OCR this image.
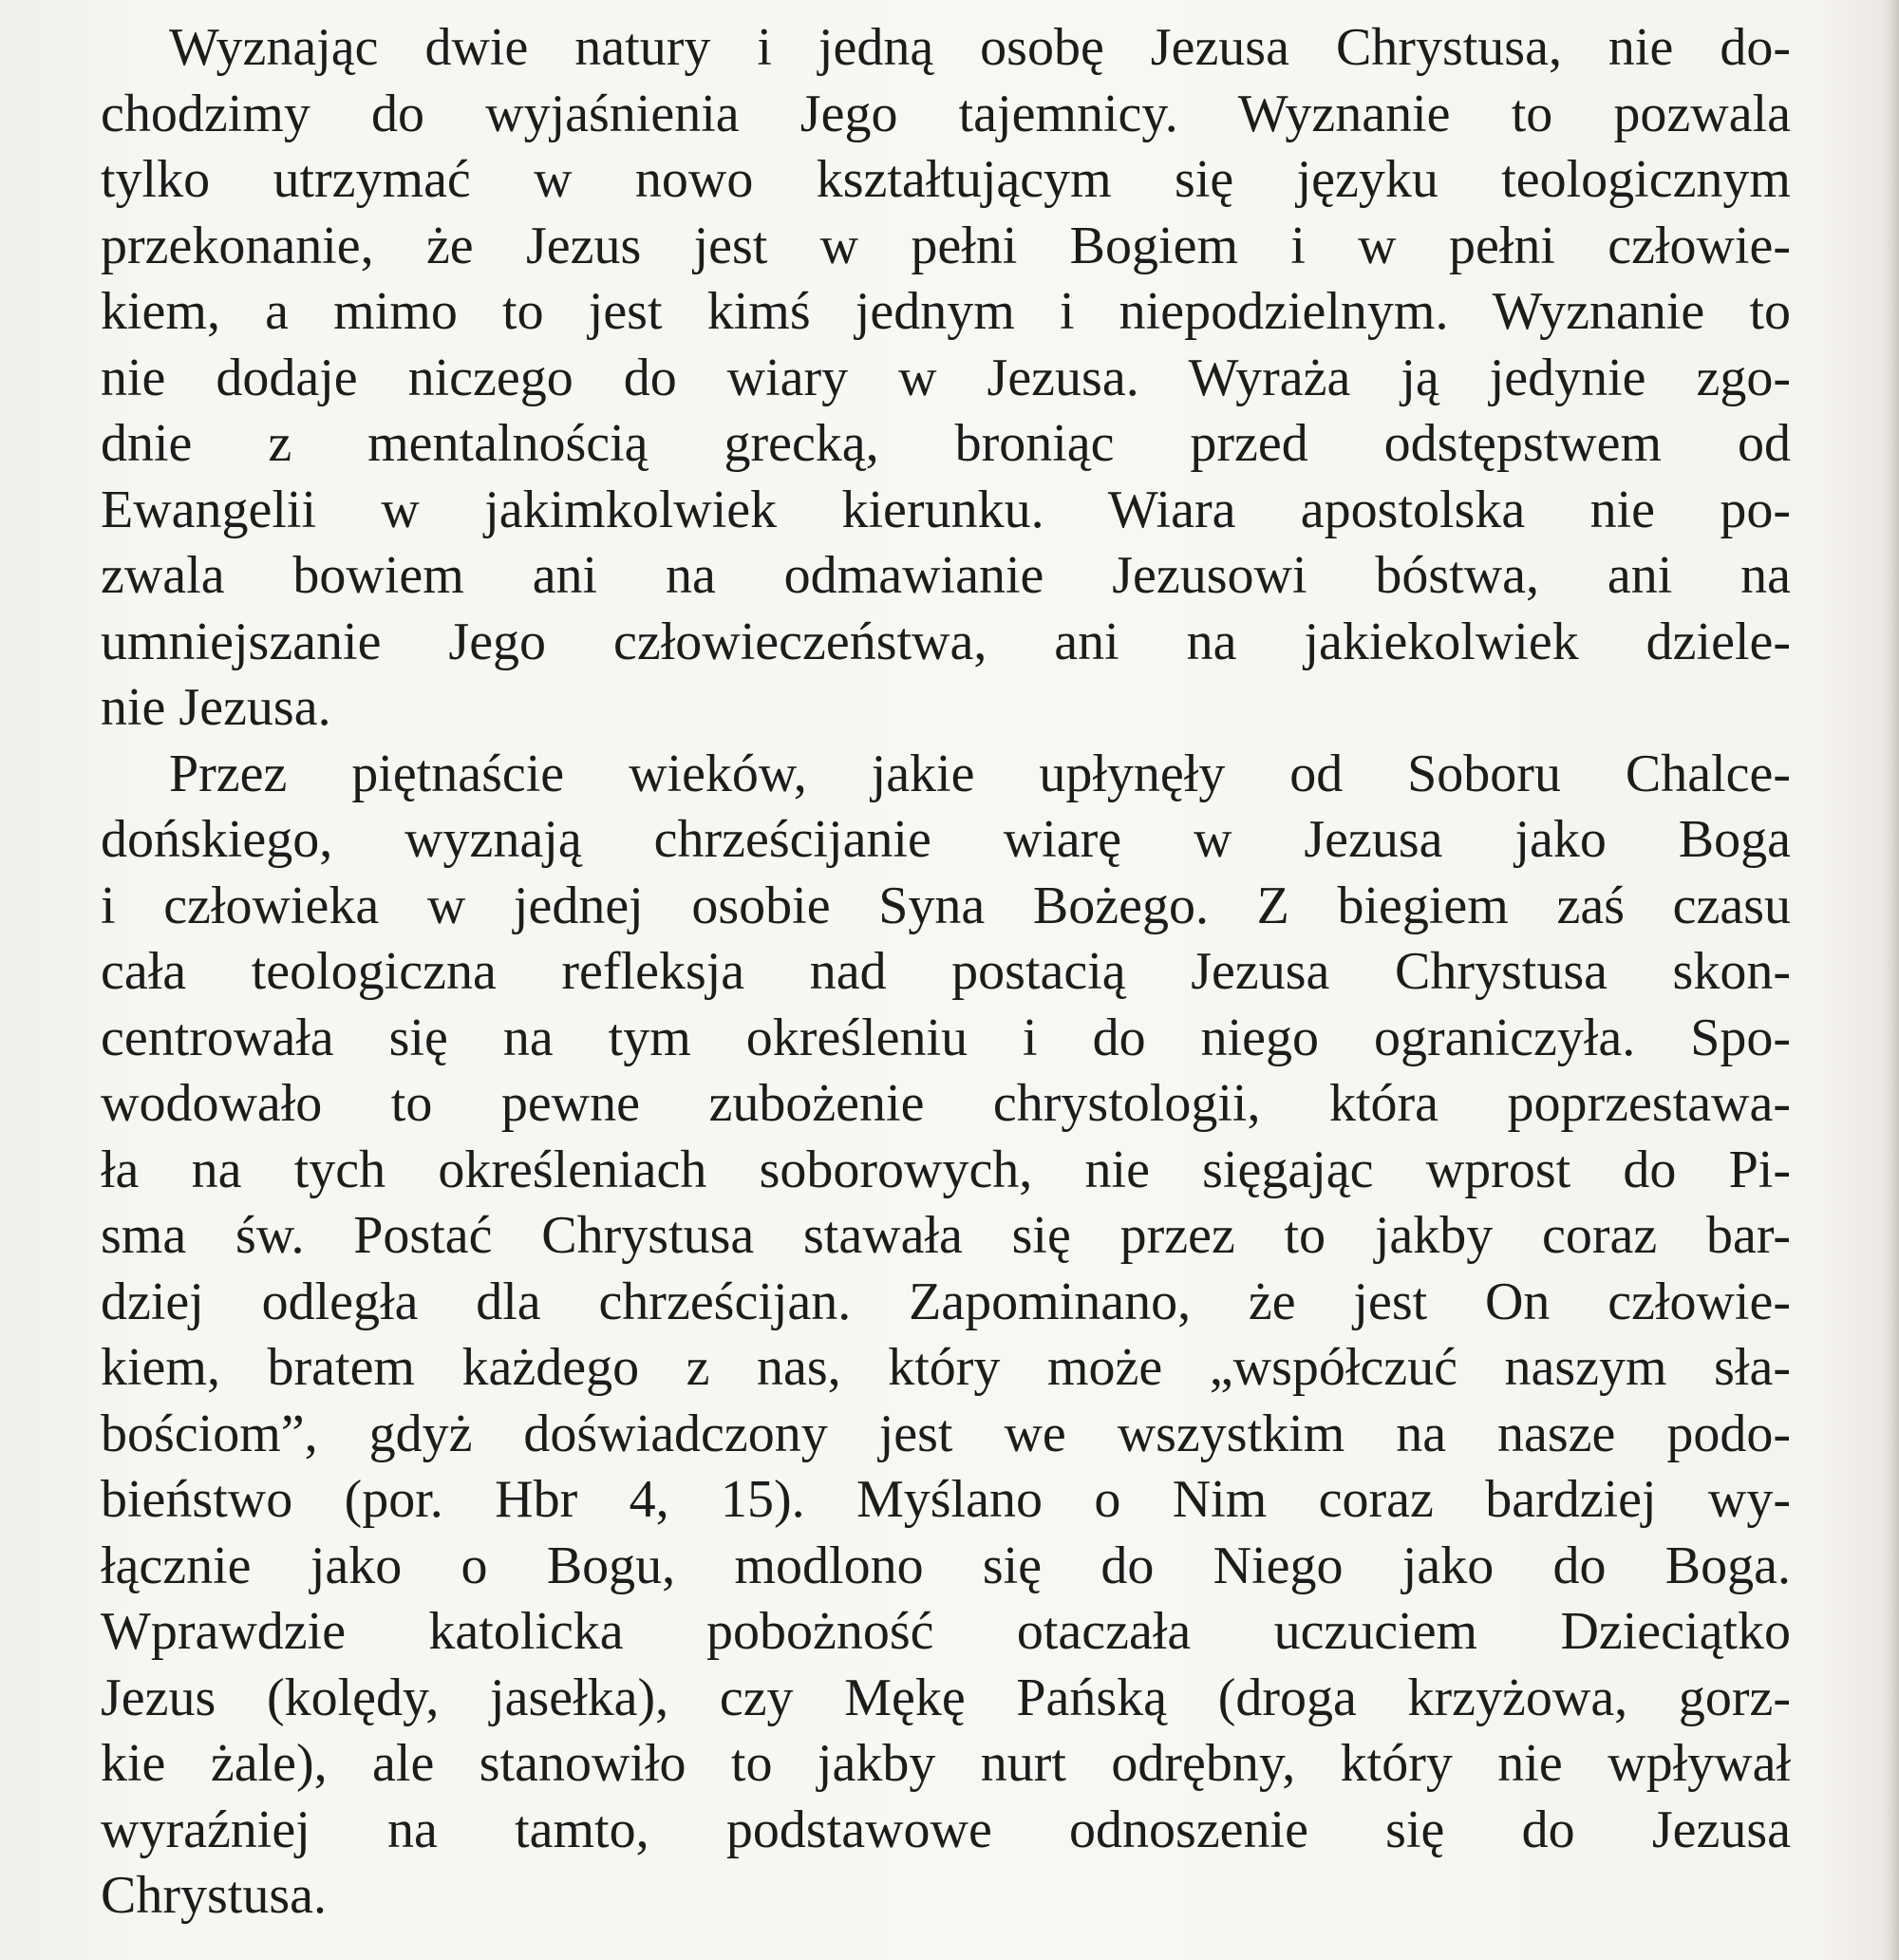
Wyznając dwie natury i jedną osobę Jezusa Chrystusa, nie do-
chodzimy do wyjaśnienia Jego tajemnicy. Wyznanie to pozwala
tylko utrzymać w nowo kształtującym się języku teologicznym
przekonanie, że Jezus jest w pełni Bogiem i w pełni człowie-
kiem, a mimo to jest kimś jednym i niepodzielnym. Wyznanie to
nie dodaje niczego do wiary w Jezusa. Wyraża ją jedynie zgo-
dnie z mentalnością grecką, broniąc przed odstępstwem od
Ewangelii w jakimkolwiek kierunku. Wiara apostolska nie po-
zwala bowiem ani na odmawianie Jezusowi bóstwa, ani na
umniejszanie Jego człowieczeństwa, ani na jakiekolwiek dziele-
nie Jezusa.

Przez piętnaście wieków, jakie upłynęły od Soboru Chalce-
dońskiego, wyznają chrześcijanie wiarę w Jezusa jako Boga
i człowieka w jednej osobie Syna Bożego. Z biegiem zaś czasu
cała teologiczna refleksja nad postacią Jezusa Chrystusa skon-
centrowała się na tym określeniu i do niego ograniczyła. Spo-
wodowało to pewne zubożenie chrystologii, która poprzestawa-
ła na tych określeniach soborowych, nie sięgając wprost do Pi-
sma św. Postać Chrystusa stawała się przez to jakby coraz bar-
dziej odległa dla chrześcijan. Zapominano, że jest On człowie-
kiem, bratem każdego z nas, który może „współczuć naszym sła-
bościom”, gdyż doświadczony jest we wszystkim na nasze podo-
bieństwo (por. Hbr 4, 15). Myślano o Nim coraz bardziej wy-
łącznie jako o Bogu, modlono się do Niego jako do Boga.
Wprawdzie katolicka pobożność otaczała uczuciem Dzieciątko
Jezus (kolędy, jasełka), czy Mękę Pańską (droga krzyżowa, gorz-
kie żale), ale stanowiło to jakby nurt odrębny, który nie wpływał
wyraźniej na tamto, podstawowe odnoszenie się do Jezusa
Chrystusa.
